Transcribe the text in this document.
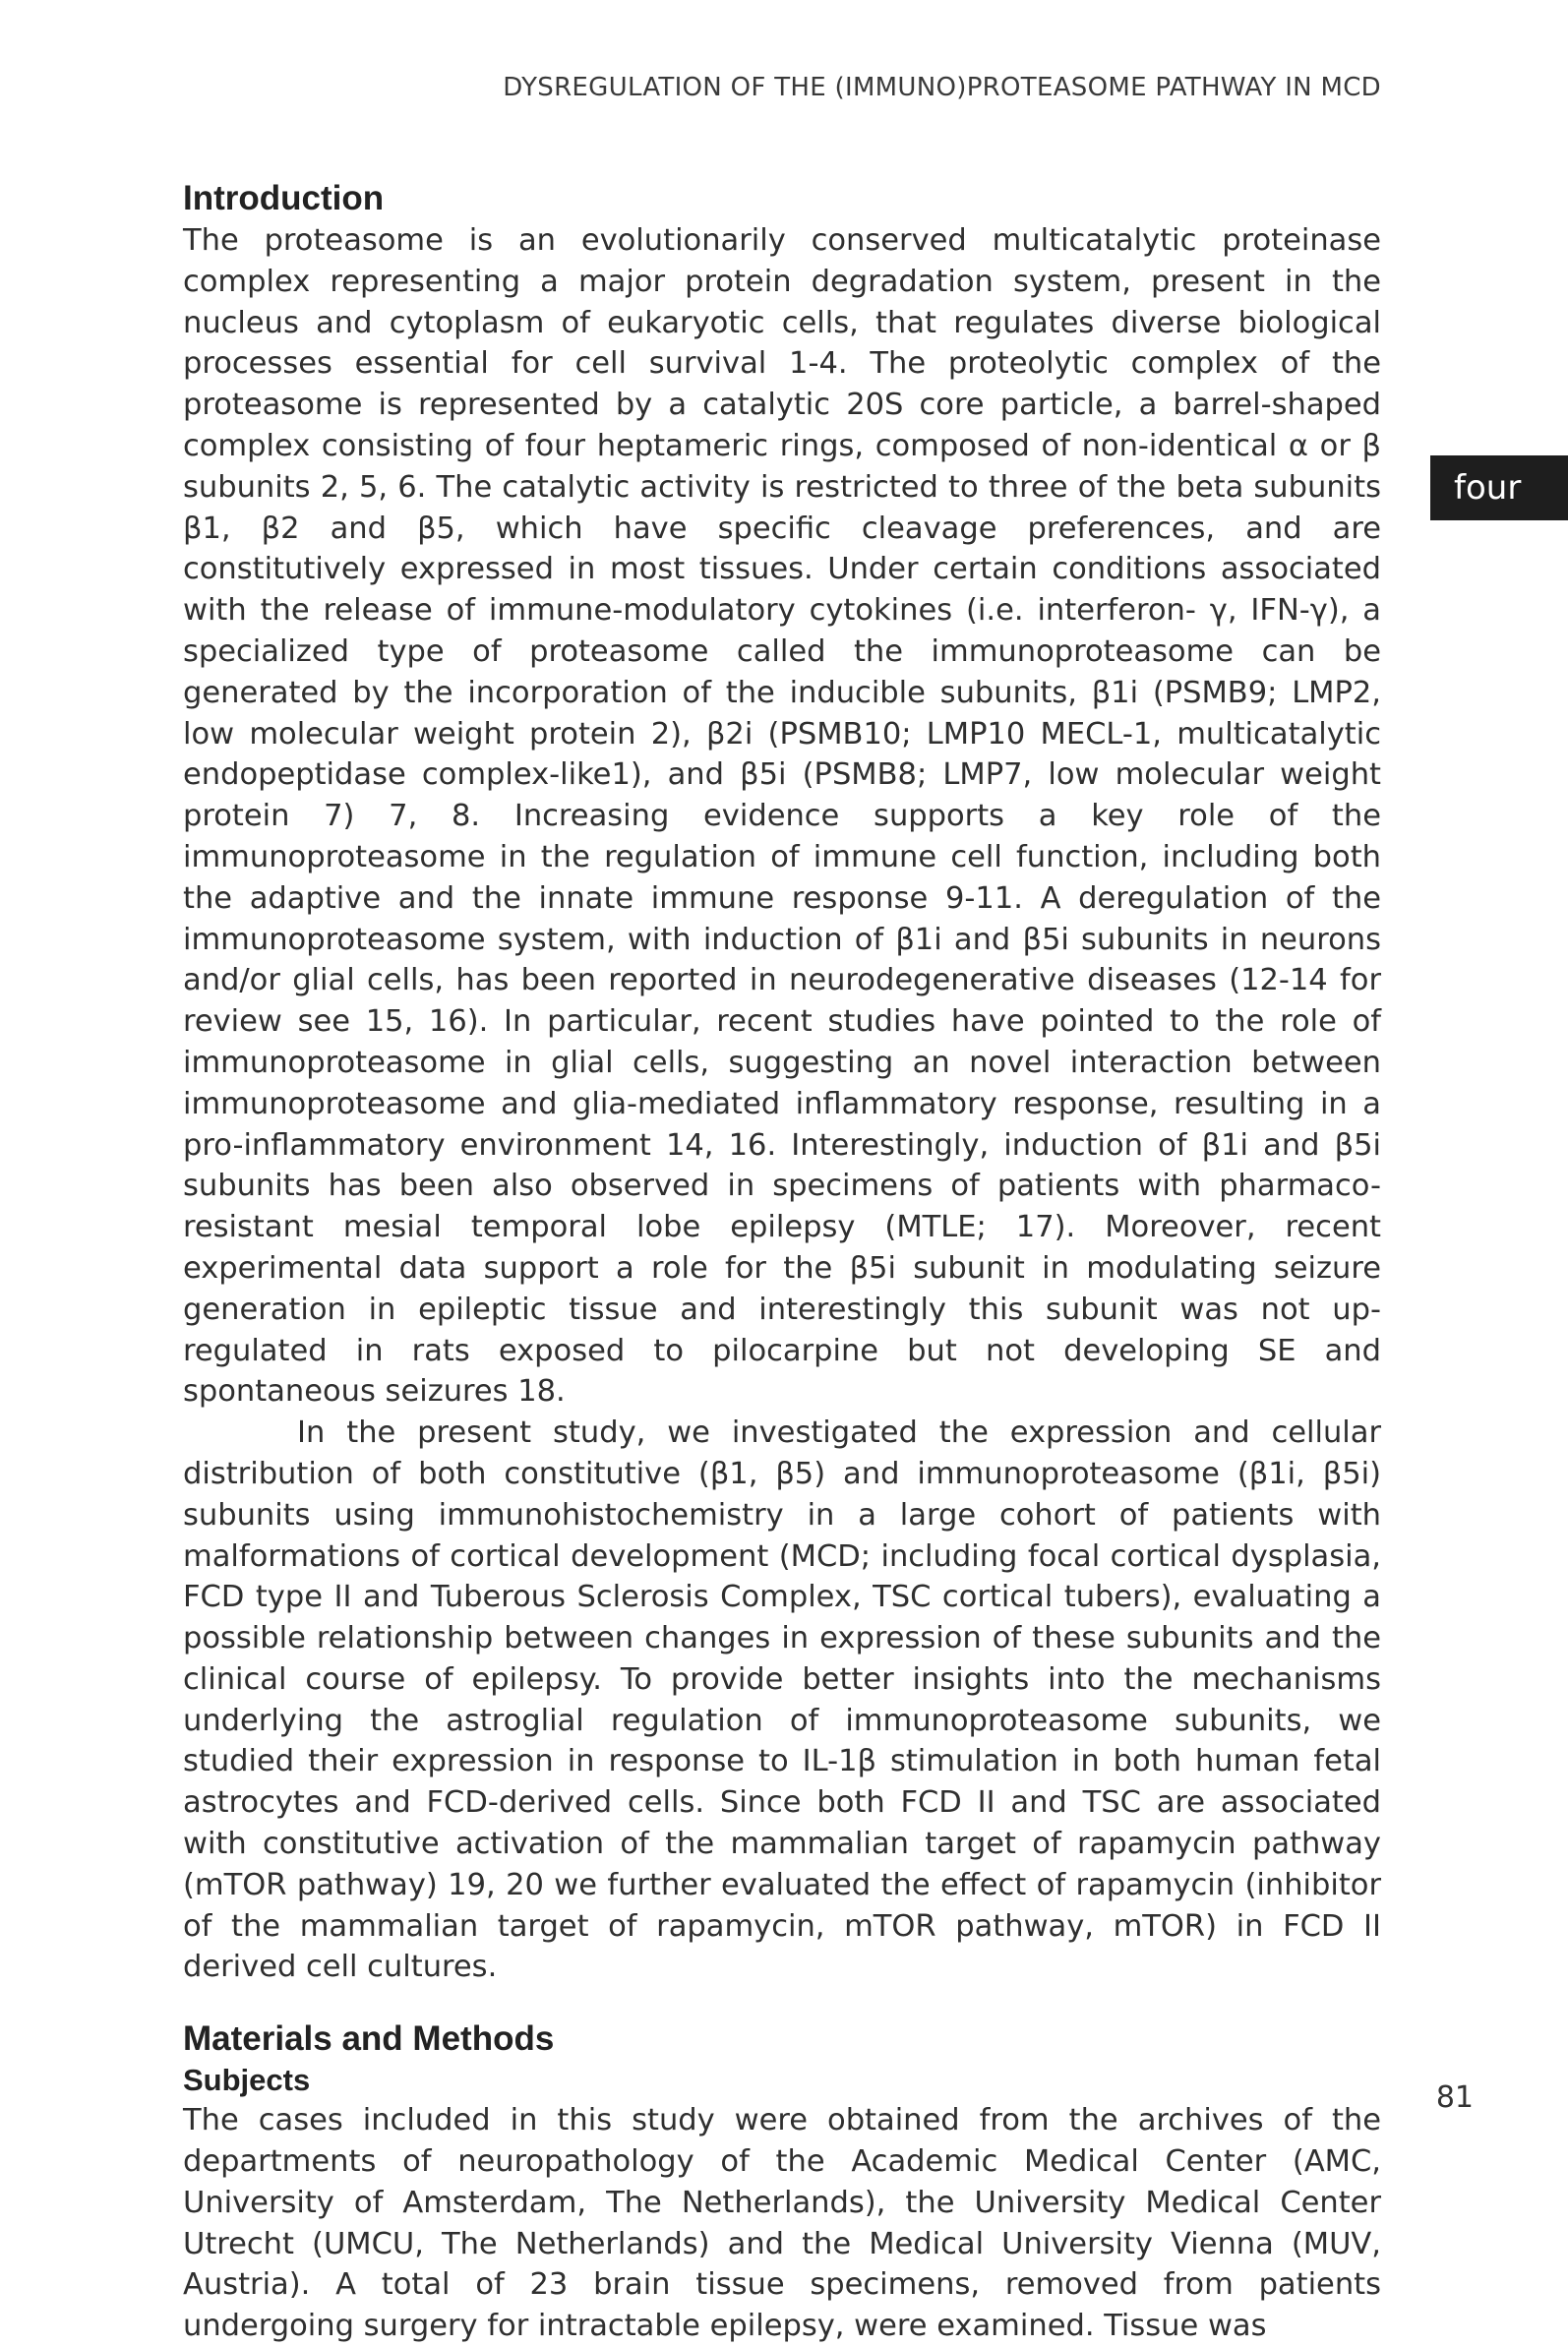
DYSREGULATION OF THE (IMMUNO)PROTEASOME PATHWAY IN MCD
four
Introduction

The proteasome is an evolutionarily conserved multicatalytic proteinase complex representing a major protein degradation system, present in the nucleus and cytoplasm of eukaryotic cells, that regulates diverse biological processes essential for cell survival 1-4. The proteolytic complex of the proteasome is represented by a catalytic 20S core particle, a barrel-shaped complex consisting of four heptameric rings, composed of non-identical α or β subunits 2, 5, 6. The catalytic activity is restricted to three of the beta subunits β1, β2 and β5, which have specific cleavage preferences, and are constitutively expressed in most tissues. Under certain conditions associated with the release of immune-modulatory cytokines (i.e. interferon- γ, IFN-γ), a specialized type of proteasome called the immunoproteasome can be generated by the incorporation of the inducible subunits, β1i (PSMB9; LMP2, low molecular weight protein 2), β2i (PSMB10; LMP10 MECL-1, multicatalytic endopeptidase complex-like1), and β5i (PSMB8; LMP7, low molecular weight protein 7) 7, 8. Increasing evidence supports a key role of the immunoproteasome in the regulation of immune cell function, including both the adaptive and the innate immune response 9-11. A deregulation of the immunoproteasome system, with induction of β1i and β5i subunits in neurons and/or glial cells, has been reported in neurodegenerative diseases (12-14 for review see 15, 16). In particular, recent studies have pointed to the role of immunoproteasome in glial cells, suggesting an novel interaction between immunoproteasome and glia-mediated inflammatory response, resulting in a pro-inflammatory environment 14, 16. Interestingly, induction of β1i and β5i subunits has been also observed in specimens of patients with pharmaco-resistant mesial temporal lobe epilepsy (MTLE; 17). Moreover, recent experimental data support a role for the β5i subunit in modulating seizure generation in epileptic tissue and interestingly this subunit was not up-regulated in rats exposed to pilocarpine but not developing SE and spontaneous seizures 18.

In the present study, we investigated the expression and cellular distribution of both constitutive (β1, β5) and immunoproteasome (β1i, β5i) subunits using immunohistochemistry in a large cohort of patients with malformations of cortical development (MCD; including focal cortical dysplasia, FCD type II and Tuberous Sclerosis Complex, TSC cortical tubers), evaluating a possible relationship between changes in expression of these subunits and the clinical course of epilepsy. To provide better insights into the mechanisms underlying the astroglial regulation of immunoproteasome subunits, we studied their expression in response to IL-1β stimulation in both human fetal astrocytes and FCD-derived cells. Since both FCD II and TSC are associated with constitutive activation of the mammalian target of rapamycin pathway (mTOR pathway) 19, 20 we further evaluated the effect of rapamycin (inhibitor of the mammalian target of rapamycin, mTOR pathway, mTOR) in FCD II derived cell cultures.

Materials and Methods
Subjects

The cases included in this study were obtained from the archives of the departments of neuropathology of the Academic Medical Center (AMC, University of Amsterdam, The Netherlands), the University Medical Center Utrecht (UMCU, The Netherlands) and the Medical University Vienna (MUV, Austria). A total of 23 brain tissue specimens, removed from patients undergoing surgery for intractable epilepsy, were examined. Tissue was

81
